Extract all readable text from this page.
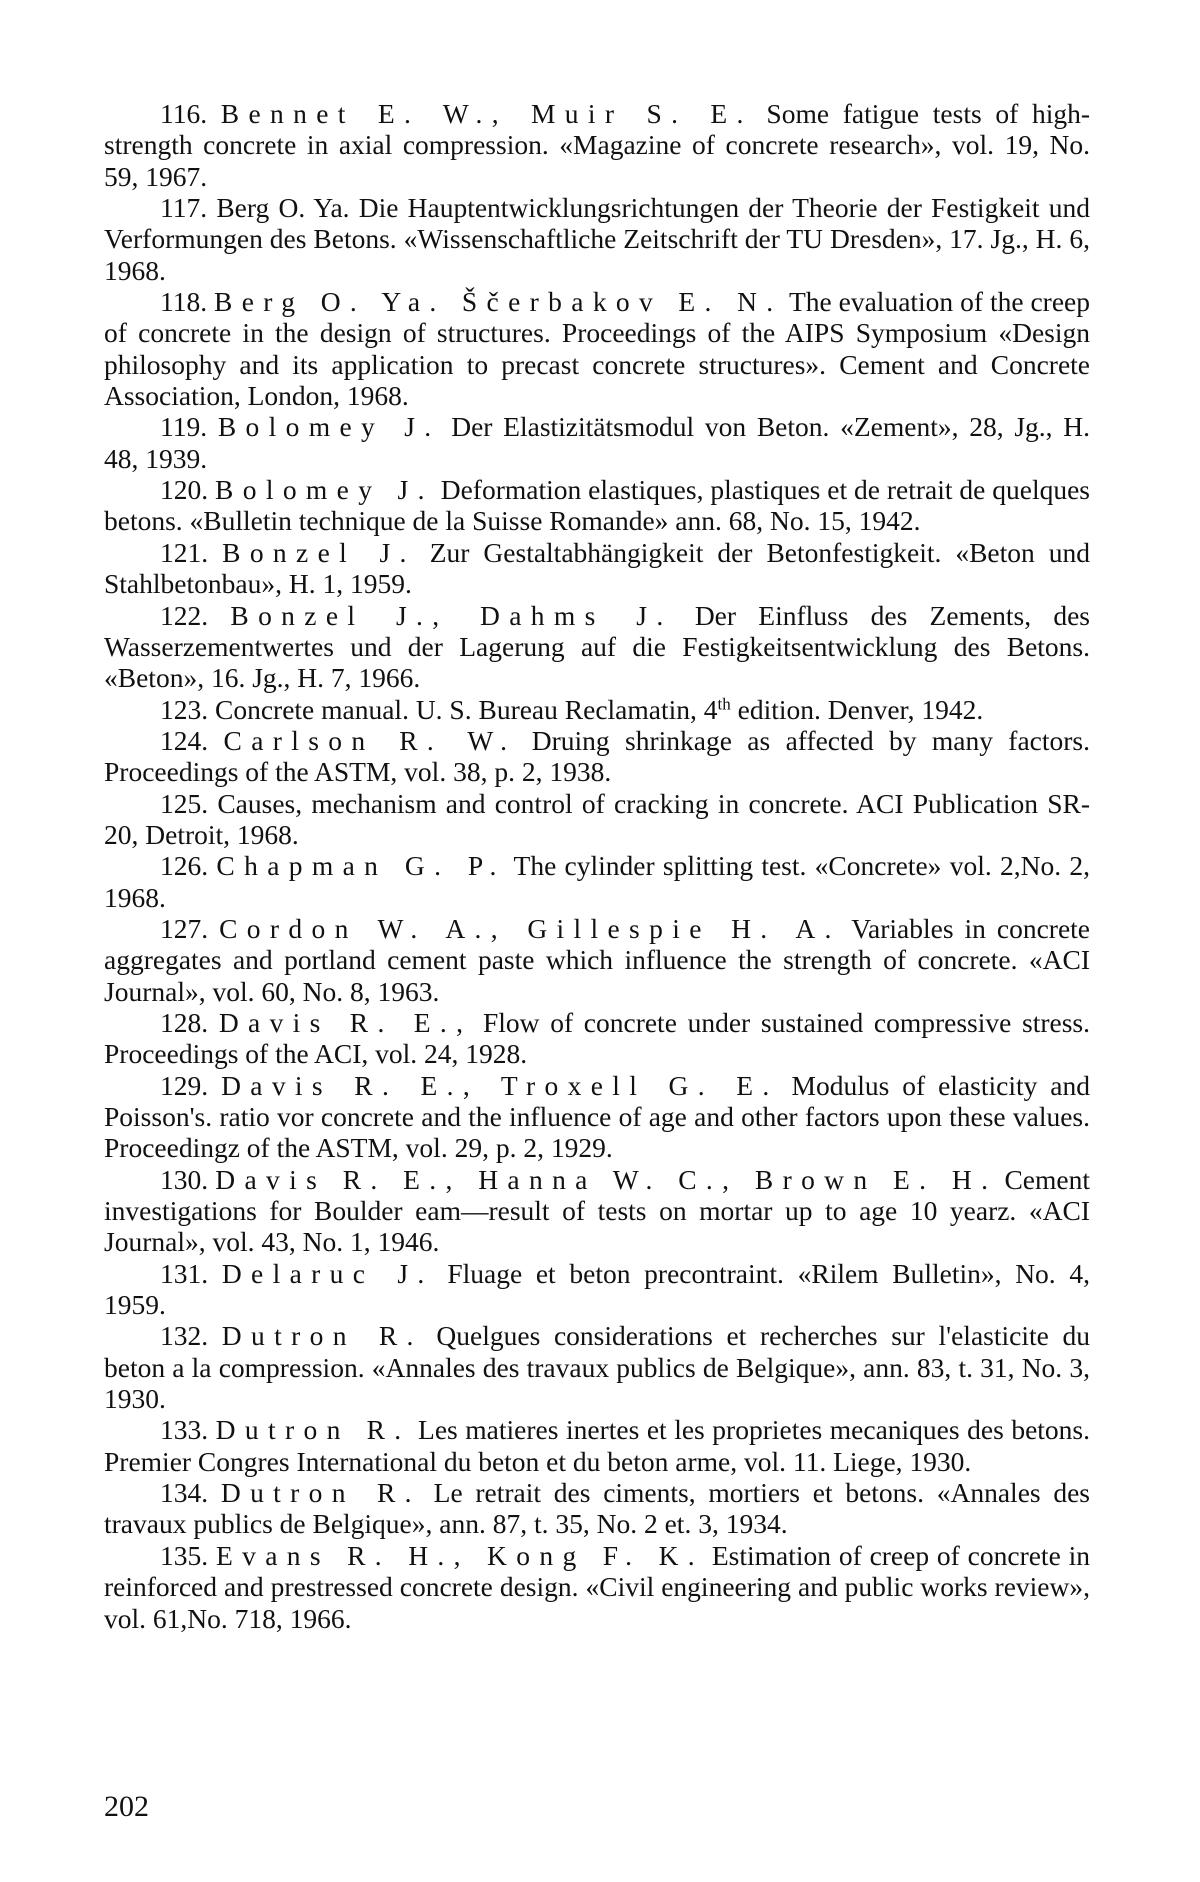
116. Bennet E. W., Muir S. E. Some fatigue tests of high-strength concrete in axial compression. «Magazine of concrete research», vol. 19, No. 59, 1967.

117. Berg O. Ya. Die Hauptentwicklungsrichtungen der Theorie der Festigkeit und Verformungen des Betons. «Wissenschaftliche Zeitschrift der TU Dresden», 17. Jg., H. 6, 1968.

118. Berg O. Ya. Ščerbakov E. N. The evaluation of the creep of concrete in the design of structures. Proceedings of the AIPS Symposium «Design philosophy and its application to precast concrete structures». Cement and Concrete Association, London, 1968.

119. Bolomey J. Der Elastizitätsmodul von Beton. «Zement», 28, Jg., H. 48, 1939.

120. Bolomey J. Deformation elastiques, plastiques et de retrait de quelques betons. «Bulletin technique de la Suisse Romande» ann. 68, No. 15, 1942.

121. Bonzel J. Zur Gestaltabhängigkeit der Betonfestigkeit. «Beton und Stahlbetonbau», H. 1, 1959.

122. Bonzel J., Dahms J. Der Einfluss des Zements, des Wasserzementwertes und der Lagerung auf die Festigkeitsentwicklung des Betons. «Beton», 16. Jg., H. 7, 1966.

123. Concrete manual. U. S. Bureau Reclamatin, 4th edition. Denver, 1942.

124. Carlson R. W. Druing shrinkage as affected by many factors. Proceedings of the ASTM, vol. 38, p. 2, 1938.

125. Causes, mechanism and control of cracking in concrete. ACI Publication SR-20, Detroit, 1968.

126. Chapman G. P. The cylinder splitting test. «Concrete» vol. 2,No. 2, 1968.

127. Cordon W. A., Gillespie H. A. Variables in concrete aggregates and portland cement paste which influence the strength of concrete. «ACI Journal», vol. 60, No. 8, 1963.

128. Davis R. E., Flow of concrete under sustained compressive stress. Proceedings of the ACI, vol. 24, 1928.

129. Davis R. E., Troxell G. E. Modulus of elasticity and Poisson's. ratio vor concrete and the influence of age and other factors upon these values. Proceedingz of the ASTM, vol. 29, p. 2, 1929.

130. Davis R. E., Hanna W. C., Brown E. H. Cement investigations for Boulder eam—result of tests on mortar up to age 10 yearz. «ACI Journal», vol. 43, No. 1, 1946.

131. Delaruc J. Fluage et beton precontraint. «Rilem Bulletin», No. 4, 1959.

132. Dutron R. Quelgues considerations et recherches sur l'elasticite du beton a la compression. «Annales des travaux publics de Belgique», ann. 83, t. 31, No. 3, 1930.

133. Dutron R. Les matieres inertes et les proprietes mecaniques des betons. Premier Congres International du beton et du beton arme, vol. 11. Liege, 1930.

134. Dutron R. Le retrait des ciments, mortiers et betons. «Annales des travaux publics de Belgique», ann. 87, t. 35, No. 2 et. 3, 1934.

135. Evans R. H., Kong F. K. Estimation of creep of concrete in reinforced and prestressed concrete design. «Civil engineering and public works review», vol. 61,No. 718, 1966.

202
